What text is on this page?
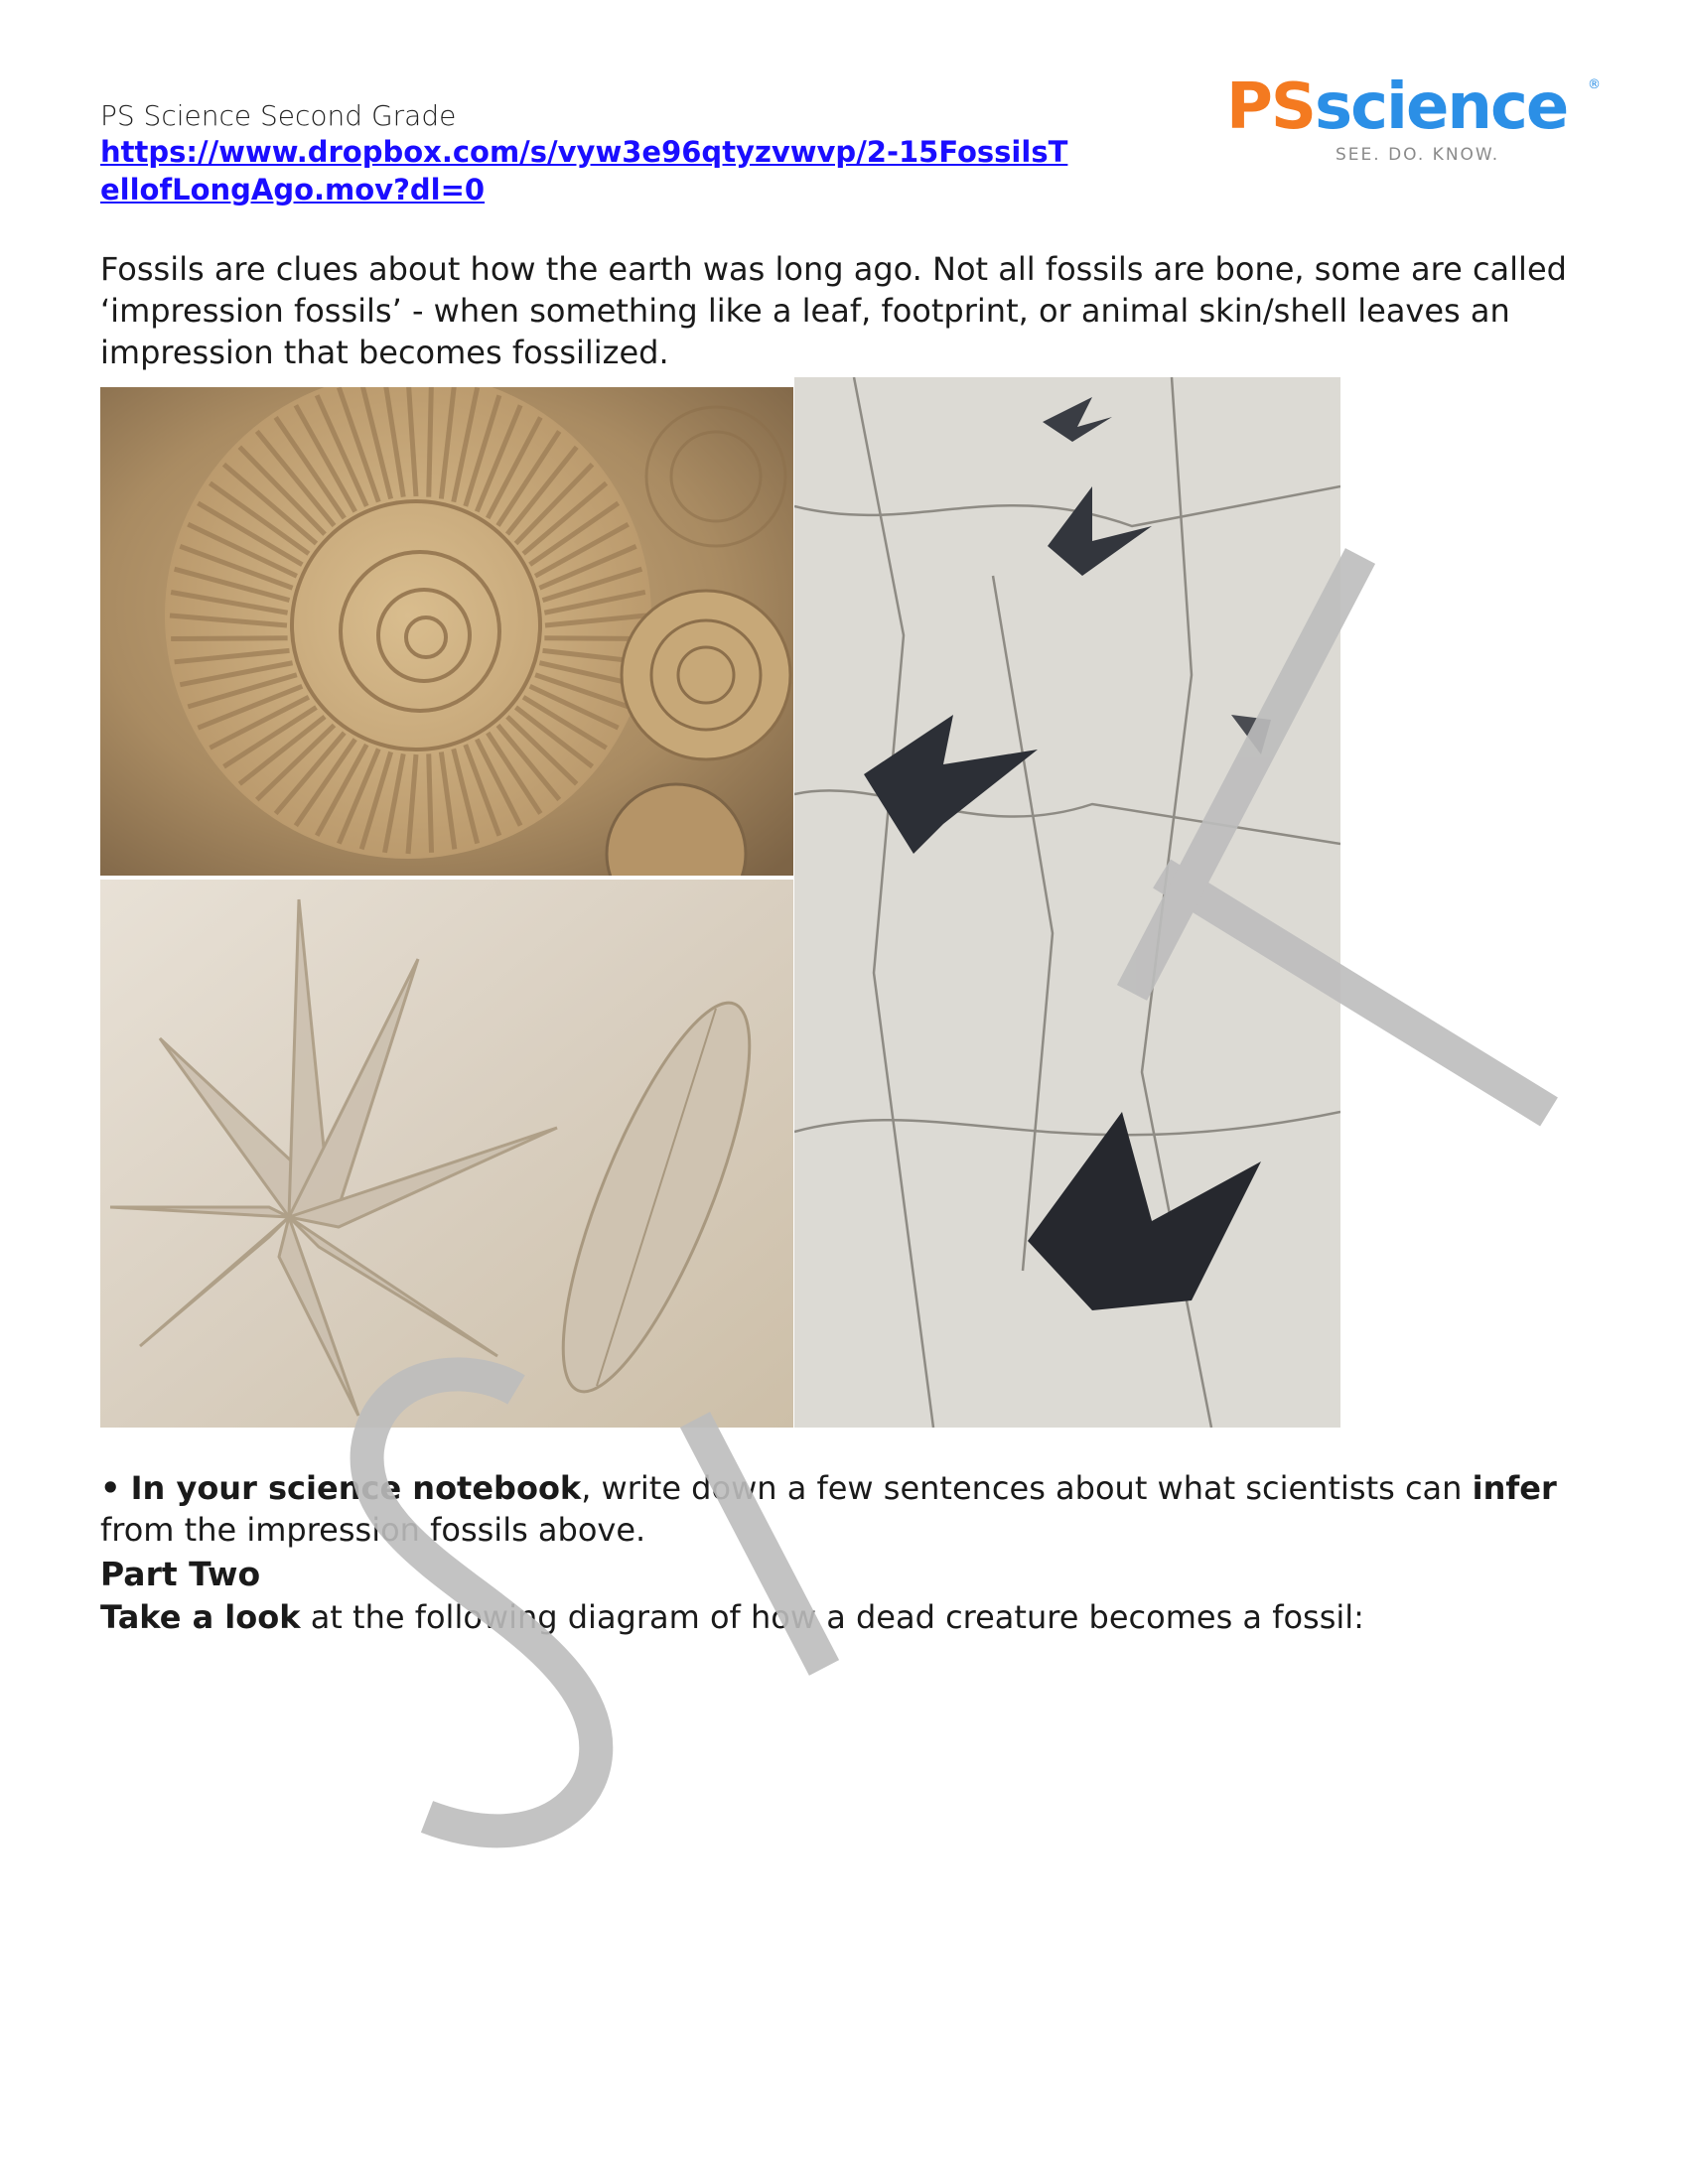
PS Science Second Grade
https://www.dropbox.com/s/vyw3e96qtyzvwvp/2-15FossilsTellofLongAgo.mov?dl=0
PSscience	®
SEE. DO. KNOW.
Fossils are clues about how the earth was long ago. Not all fossils are bone, some are called ‘impression fossils’ - when something like a leaf, footprint, or animal skin/shell leaves an impression that becomes fossilized.
• In your science notebook, write down a few sentences about what scientists can infer from the impression fossils above.
Part Two
Take a look at the following diagram of how a dead creature becomes a fossil:
